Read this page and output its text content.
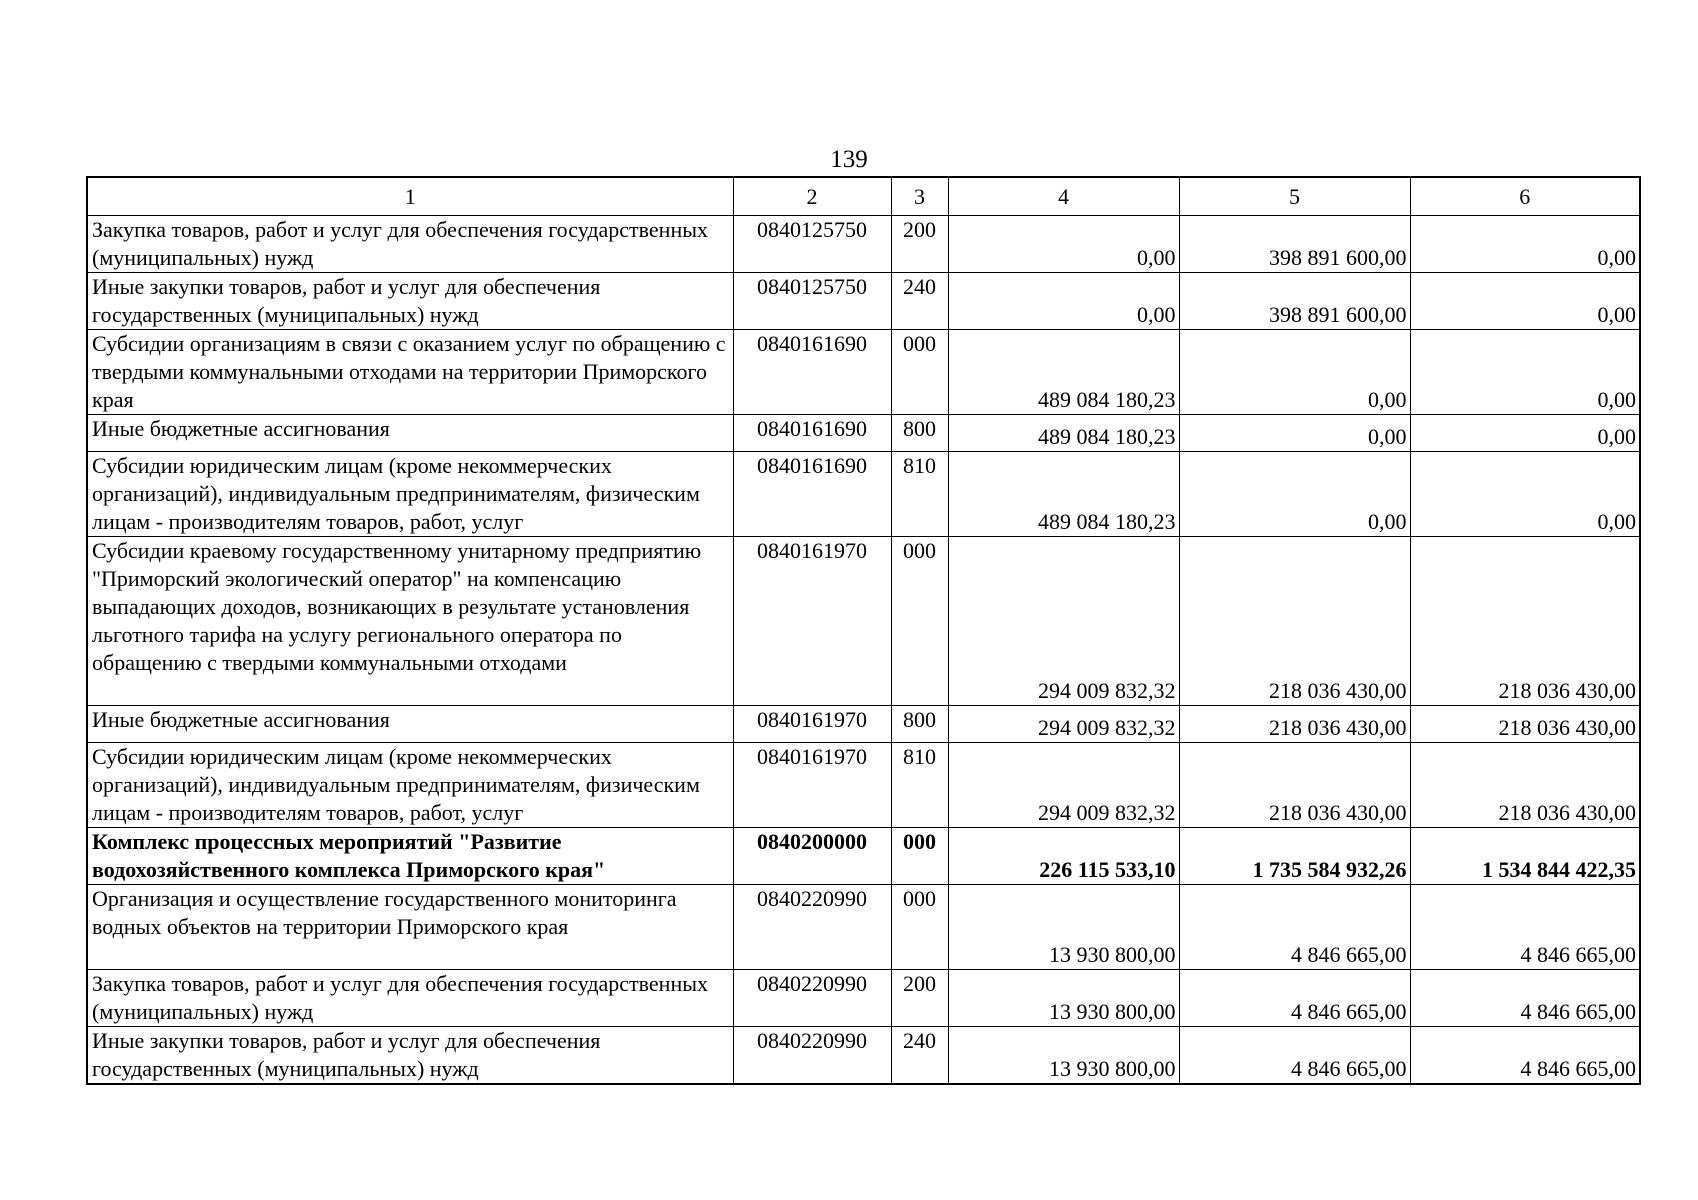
139
1	2	3	4	5	6
Закупка товаров, работ и услуг для обеспечения государственных (муниципальных) нужд	0840125750	200	0,00	398 891 600,00	0,00
Иные закупки товаров, работ и услуг для обеспечения государственных (муниципальных) нужд	0840125750	240	0,00	398 891 600,00	0,00
Субсидии организациям в связи с оказанием услуг по обращению с твердыми коммунальными отходами на территории Приморского края	0840161690	000	489 084 180,23	0,00	0,00
Иные бюджетные ассигнования	0840161690	800	489 084 180,23	0,00	0,00
Субсидии юридическим лицам (кроме некоммерческих организаций), индивидуальным предпринимателям, физическим лицам - производителям товаров, работ, услуг	0840161690	810	489 084 180,23	0,00	0,00
Субсидии краевому государственному унитарному предприятию "Приморский экологический оператор" на компенсацию выпадающих доходов, возникающих в результате установления льготного тарифа на услугу регионального оператора по обращению с твердыми коммунальными отходами	0840161970	000	294 009 832,32	218 036 430,00	218 036 430,00
Иные бюджетные ассигнования	0840161970	800	294 009 832,32	218 036 430,00	218 036 430,00
Субсидии юридическим лицам (кроме некоммерческих организаций), индивидуальным предпринимателям, физическим лицам - производителям товаров, работ, услуг	0840161970	810	294 009 832,32	218 036 430,00	218 036 430,00
Комплекс процессных мероприятий "Развитие водохозяйственного комплекса Приморского края"	0840200000	000	226 115 533,10	1 735 584 932,26	1 534 844 422,35
Организация и осуществление государственного мониторинга водных объектов на территории Приморского края	0840220990	000	13 930 800,00	4 846 665,00	4 846 665,00
Закупка товаров, работ и услуг для обеспечения государственных (муниципальных) нужд	0840220990	200	13 930 800,00	4 846 665,00	4 846 665,00
Иные закупки товаров, работ и услуг для обеспечения государственных (муниципальных) нужд	0840220990	240	13 930 800,00	4 846 665,00	4 846 665,00
